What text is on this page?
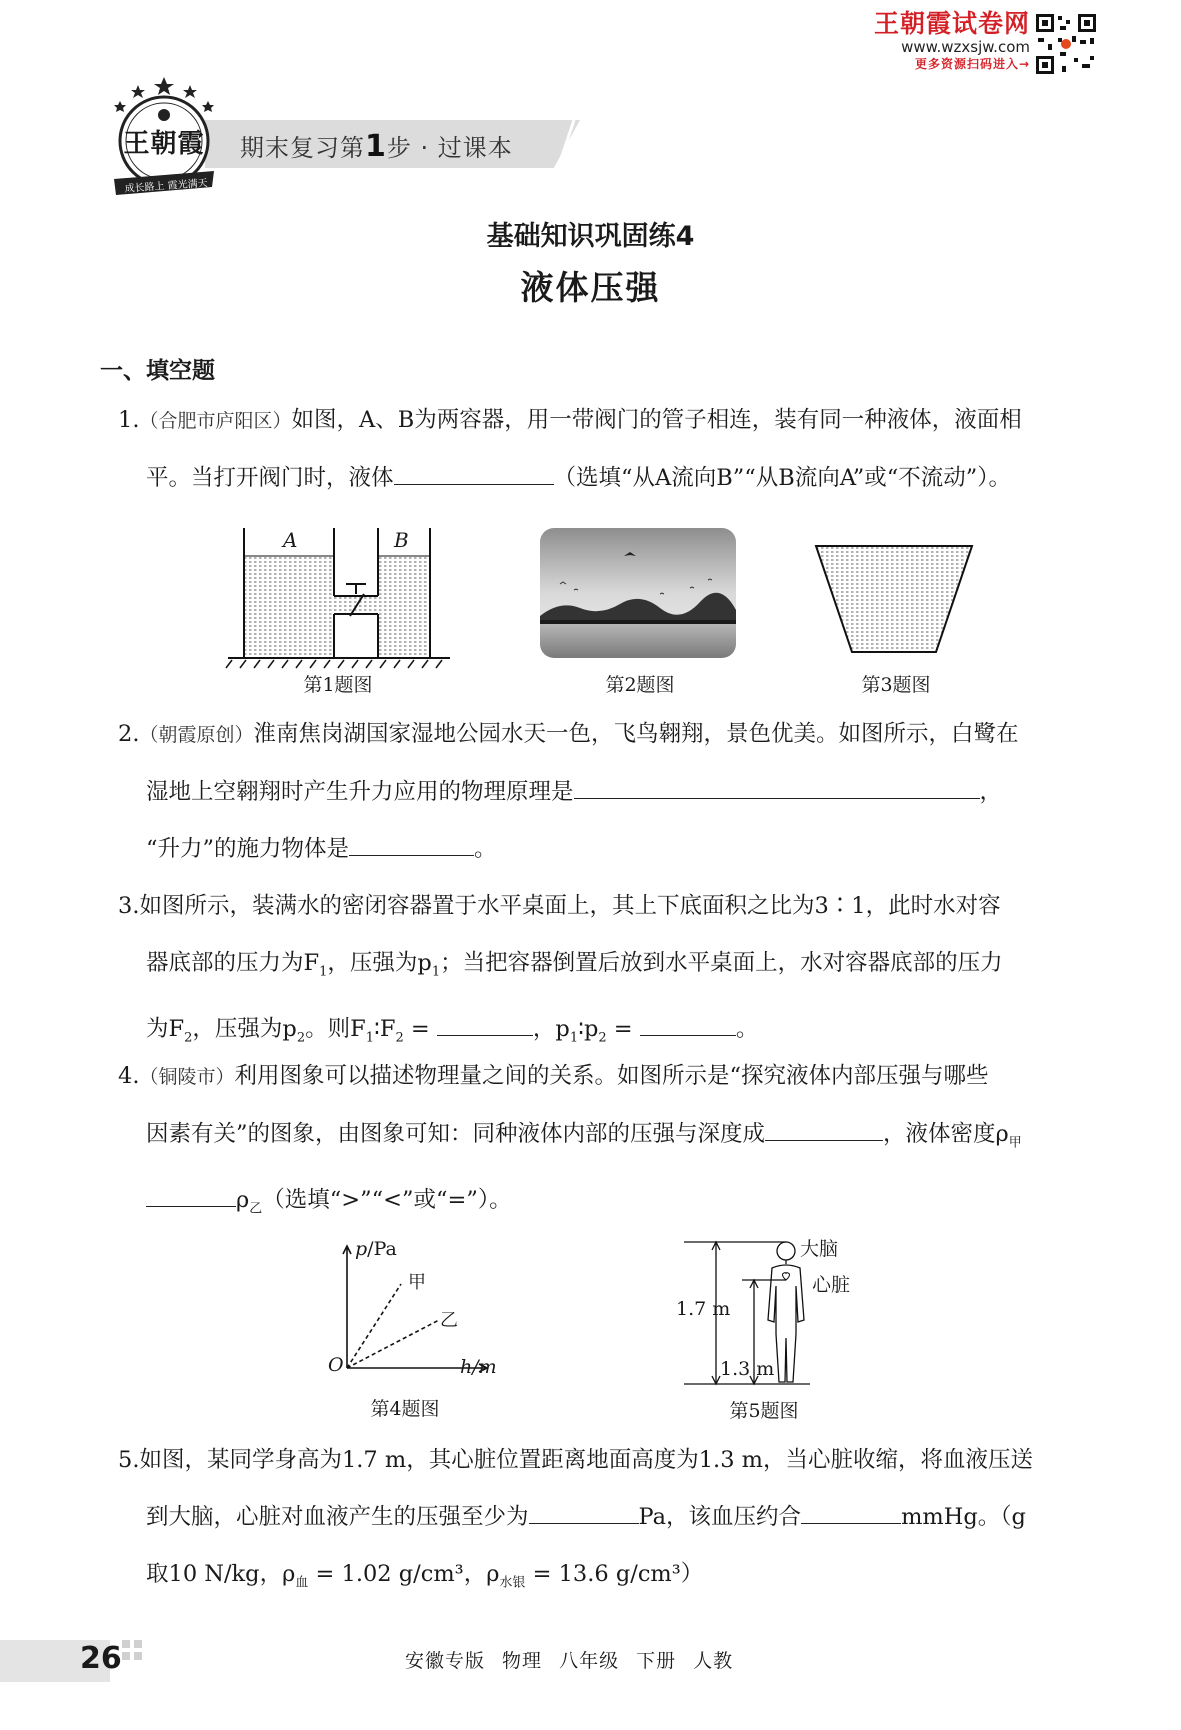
王朝霞试卷网
www.wzxsjw.com
更多资源扫码进入→
期末复习第1步 · 过课本
王朝霞
成长路上 霞光满天
基础知识巩固练4
液体压强
一、填空题
1.（合肥市庐阳区）如图，A、B为两容器，用一带阀门的管子相连，装有同一种液体，液面相
平。当打开阀门时，液体	（选填“从A流向B”“从B流向A”或“不流动”）。
A	B
第1题图	第2题图	第3题图
2.（朝霞原创）淮南焦岗湖国家湿地公园水天一色，飞鸟翱翔，景色优美。如图所示，白鹭在
湿地上空翱翔时产生升力应用的物理原理是	，
“升力”的施力物体是	。
3.如图所示，装满水的密闭容器置于水平桌面上，其上下底面积之比为3∶1，此时水对容
器底部的压力为$F_1$，压强为$p_1$；当把容器倒置后放到水平桌面上，水对容器底部的压力
为$F_2$，压强为$p_2$。则$F_1∶F_2$ =	，$p_1∶p_2$ =	。
4.（铜陵市）利用图象可以描述物理量之间的关系。如图所示是“探究液体内部压强与哪些
因素有关”的图象，由图象可知：同种液体内部的压强与深度成	，液体密度$\rho_甲$
$\rho_乙$（选填“>”“<”或“=”）。
p/Pa
h/m
O
甲
乙
第4题图
大脑
心脏
1.7 m
1.3 m
第5题图
5.如图，某同学身高为1.7 m，其心脏位置距离地面高度为1.3 m，当心脏收缩，将血液压送
到大脑，心脏对血液产生的压强至少为	Pa，该血压约合	mmHg。（g
取10 N/kg，$\rho_血 = 1.02$ g/cm³，$\rho_{水银} = 13.6$ g/cm³）
26	安徽专版 物理 八年级 下册 人教
